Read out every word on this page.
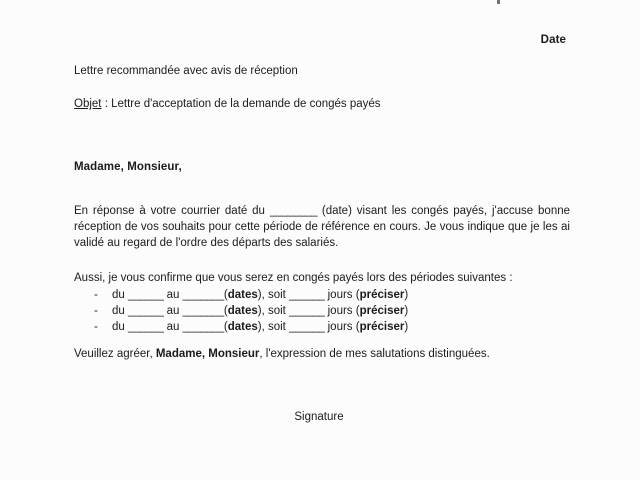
Date
Lettre recommandée avec avis de réception
Objet : Lettre d'acceptation de la demande de congés payés
Madame, Monsieur,
En réponse à votre courrier daté du ________ (date) visant les congés payés, j'accuse bonne réception de vos souhaits pour cette période de référence en cours. Je vous indique que je les ai validé au regard de l'ordre des départs des salariés.
Aussi, je vous confirme que vous serez en congés payés lors des périodes suivantes :
- du ______ au _______(dates), soit ______ jours (préciser)
- du ______ au _______(dates), soit ______ jours (préciser)
- du ______ au _______(dates), soit ______ jours (préciser)
Veuillez agréer, Madame, Monsieur, l'expression de mes salutations distinguées.
Signature
